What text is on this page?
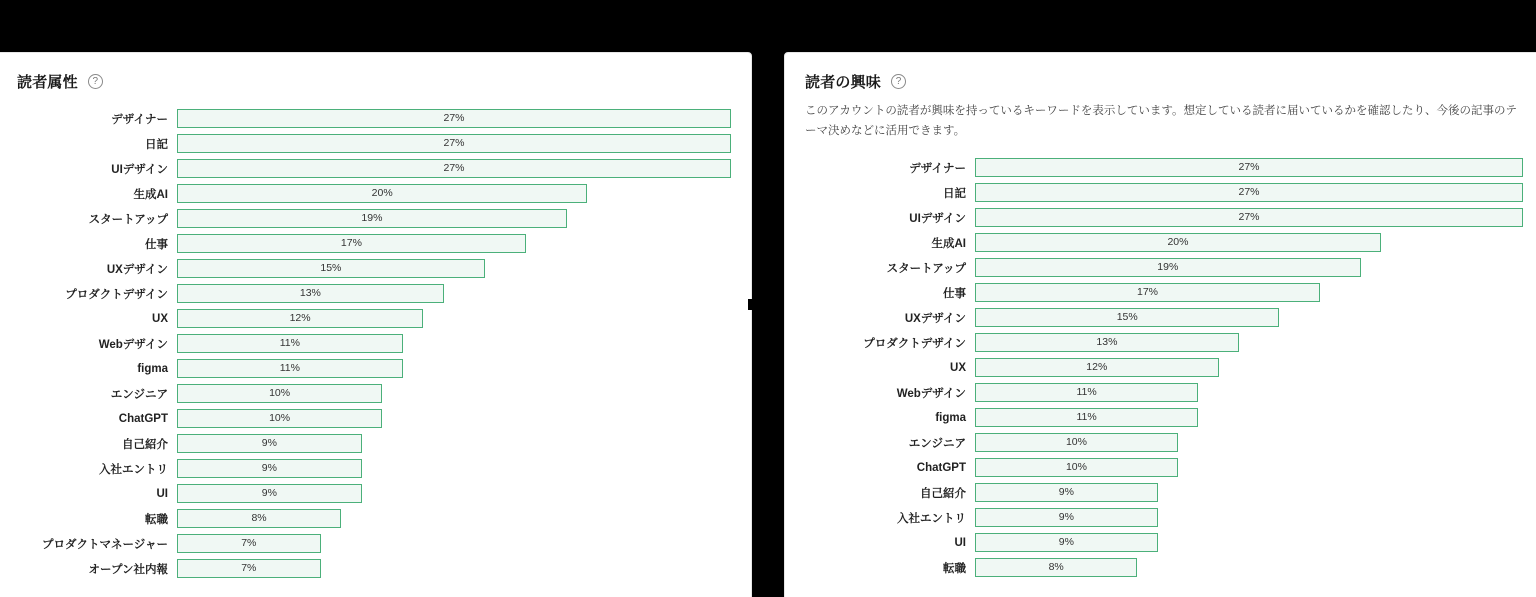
読者属性	?
デザイナー	27%
日記	27%
UIデザイン	27%
生成AI	20%
スタートアップ	19%
仕事	17%
UXデザイン	15%
プロダクトデザイン	13%
UX	12%
Webデザイン	11%
figma	11%
エンジニア	10%
ChatGPT	10%
自己紹介	9%
入社エントリ	9%
UI	9%
転職	8%
プロダクトマネージャー	7%
オープン社内報	7%
読者の興味	?
このアカウントの読者が興味を持っているキーワードを表示しています。想定している読者に届いているかを確認したり、今後の記事のテーマ決めなどに活用できます。
デザイナー	27%
日記	27%
UIデザイン	27%
生成AI	20%
スタートアップ	19%
仕事	17%
UXデザイン	15%
プロダクトデザイン	13%
UX	12%
Webデザイン	11%
figma	11%
エンジニア	10%
ChatGPT	10%
自己紹介	9%
入社エントリ	9%
UI	9%
転職	8%
